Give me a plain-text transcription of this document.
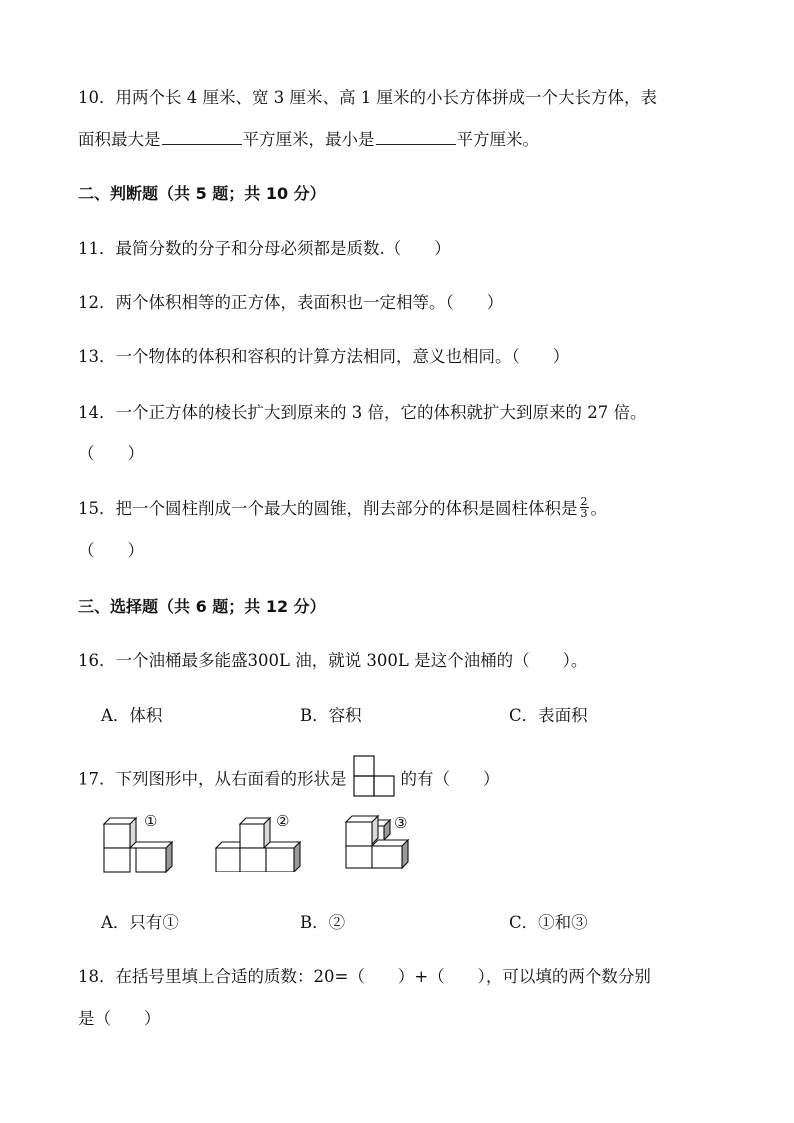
10．用两个长 4 厘米、宽 3 厘米、高 1 厘米的小长方体拼成一个大长方体，表
面积最大是	平方厘米，最小是	平方厘米。
二、判断题（共 5 题；共 10 分）
11．最简分数的分子和分母必须都是质数.（　　）
12．两个体积相等的正方体，表面积也一定相等。（　　）
13．一个物体的体积和容积的计算方法相同，意义也相同。（　　）
14．一个正方体的棱长扩大到原来的 3 倍，它的体积就扩大到原来的 27 倍。
（　　）
15．把一个圆柱削成一个最大的圆锥，削去部分的体积是圆柱体积是 $\frac{2}{3}$ 。
（　　）
三、选择题（共 6 题；共 12 分）
16．一个油桶最多能盛300L 油，就说 300L 是这个油桶的（　　）。
A．体积	B．容积	C．表面积
17．下列图形中，从右面看的形状是	的有（　　）
①	②	③
A．只有①	B．②	C．①和③
18．在括号里填上合适的质数：20=（　　）+（　　），可以填的两个数分别
是（　　）
